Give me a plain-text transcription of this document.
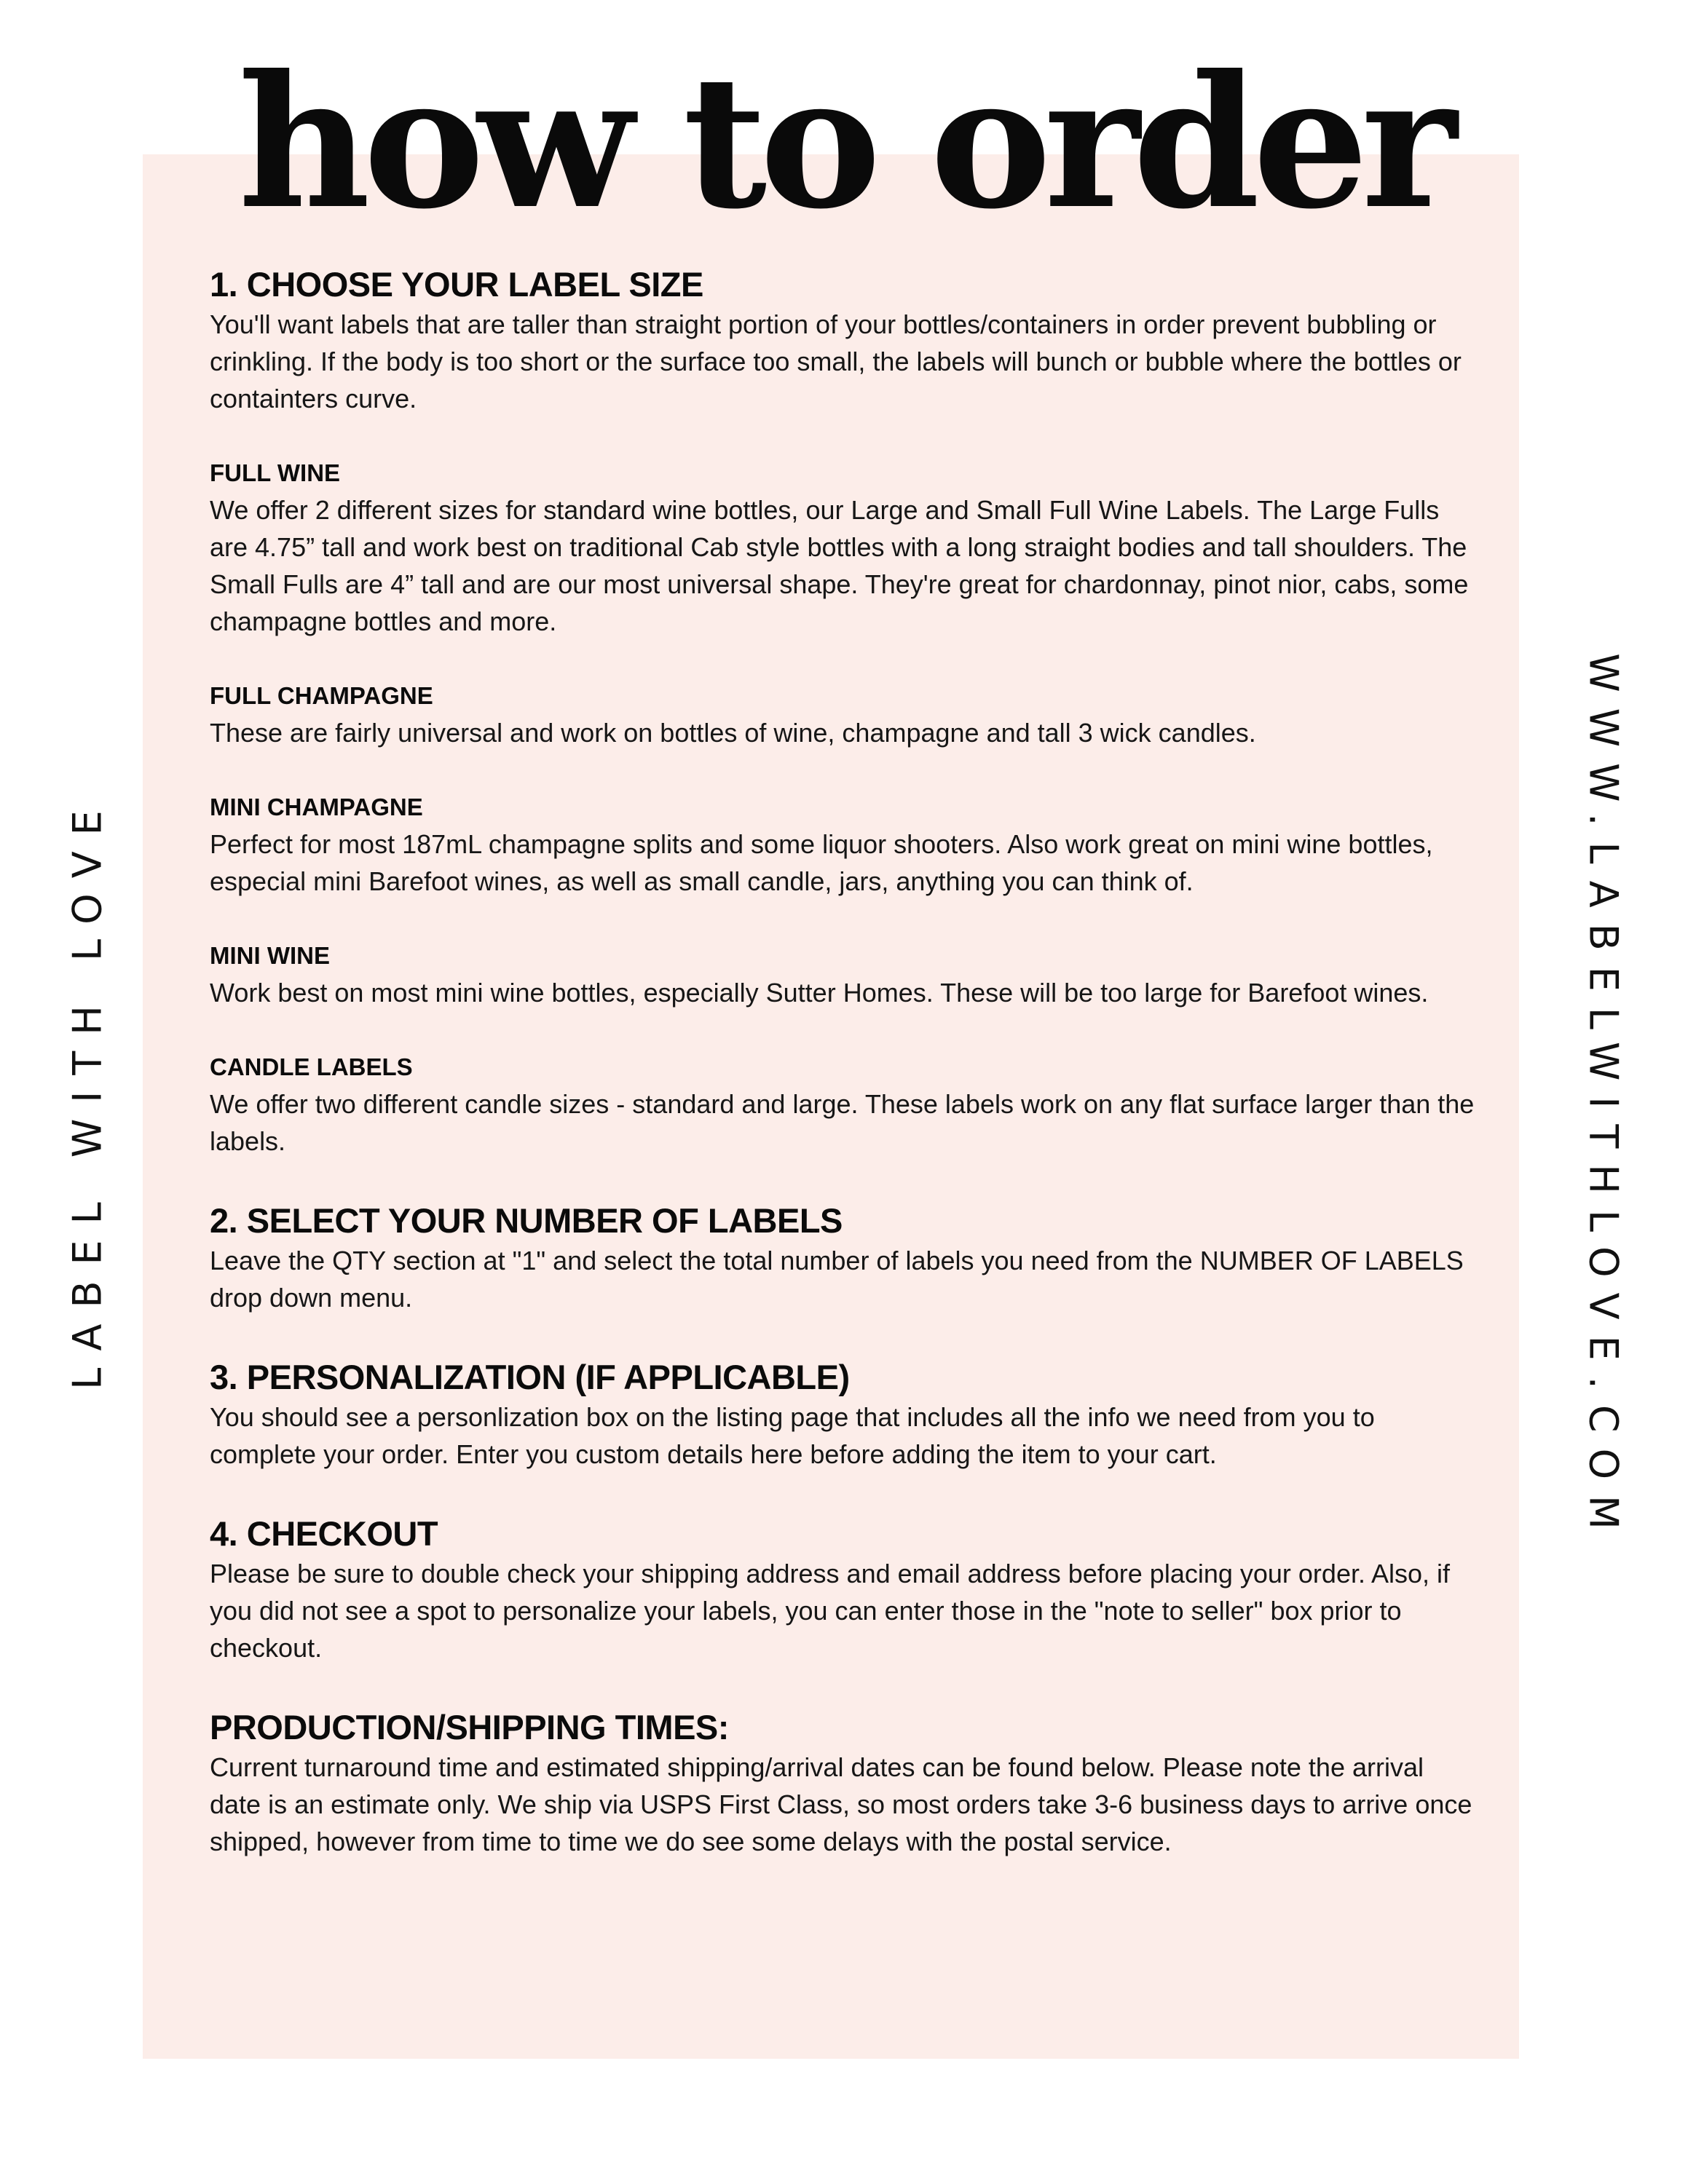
how to order
LABEL WITH LOVE	WWW.LABELWITHLOVE.COM
1. CHOOSE YOUR LABEL SIZE

You'll want labels that are taller than straight portion of your bottles/containers in order prevent bubbling or crinkling. If the body is too short or the surface too small, the labels will bunch or bubble where the bottles or containters curve.

FULL WINE

We offer 2 different sizes for standard wine bottles, our Large and Small Full Wine Labels. The Large Fulls are 4.75” tall and work best on traditional Cab style bottles with a long straight bodies and tall shoulders. The Small Fulls are 4” tall and are our most universal shape. They're great for chardonnay, pinot nior, cabs, some champagne bottles and more.

FULL CHAMPAGNE

These are fairly universal and work on bottles of wine, champagne and tall 3 wick candles.

MINI CHAMPAGNE

Perfect for most 187mL champagne splits and some liquor shooters. Also work great on mini wine bottles, especial mini Barefoot wines, as well as small candle, jars, anything you can think of.

MINI WINE

Work best on most mini wine bottles, especially Sutter Homes. These will be too large for Barefoot wines.

CANDLE LABELS

We offer two different candle sizes - standard and large. These labels work on any flat surface larger than the labels.

2. SELECT YOUR NUMBER OF LABELS

Leave the QTY section at "1" and select the total number of labels you need from the NUMBER OF LABELS drop down menu.

3. PERSONALIZATION (IF APPLICABLE)

You should see a personlization box on the listing page that includes all the info we need from you to complete your order. Enter you custom details here before adding the item to your cart.

4. CHECKOUT

Please be sure to double check your shipping address and email address before placing your order. Also, if you did not see a spot to personalize your labels, you can enter those in the "note to seller" box prior to checkout.

PRODUCTION/SHIPPING TIMES:

Current turnaround time and estimated shipping/arrival dates can be found below. Please note the arrival date is an estimate only. We ship via USPS First Class, so most orders take 3-6 business days to arrive once shipped, however from time to time we do see some delays with the postal service.
